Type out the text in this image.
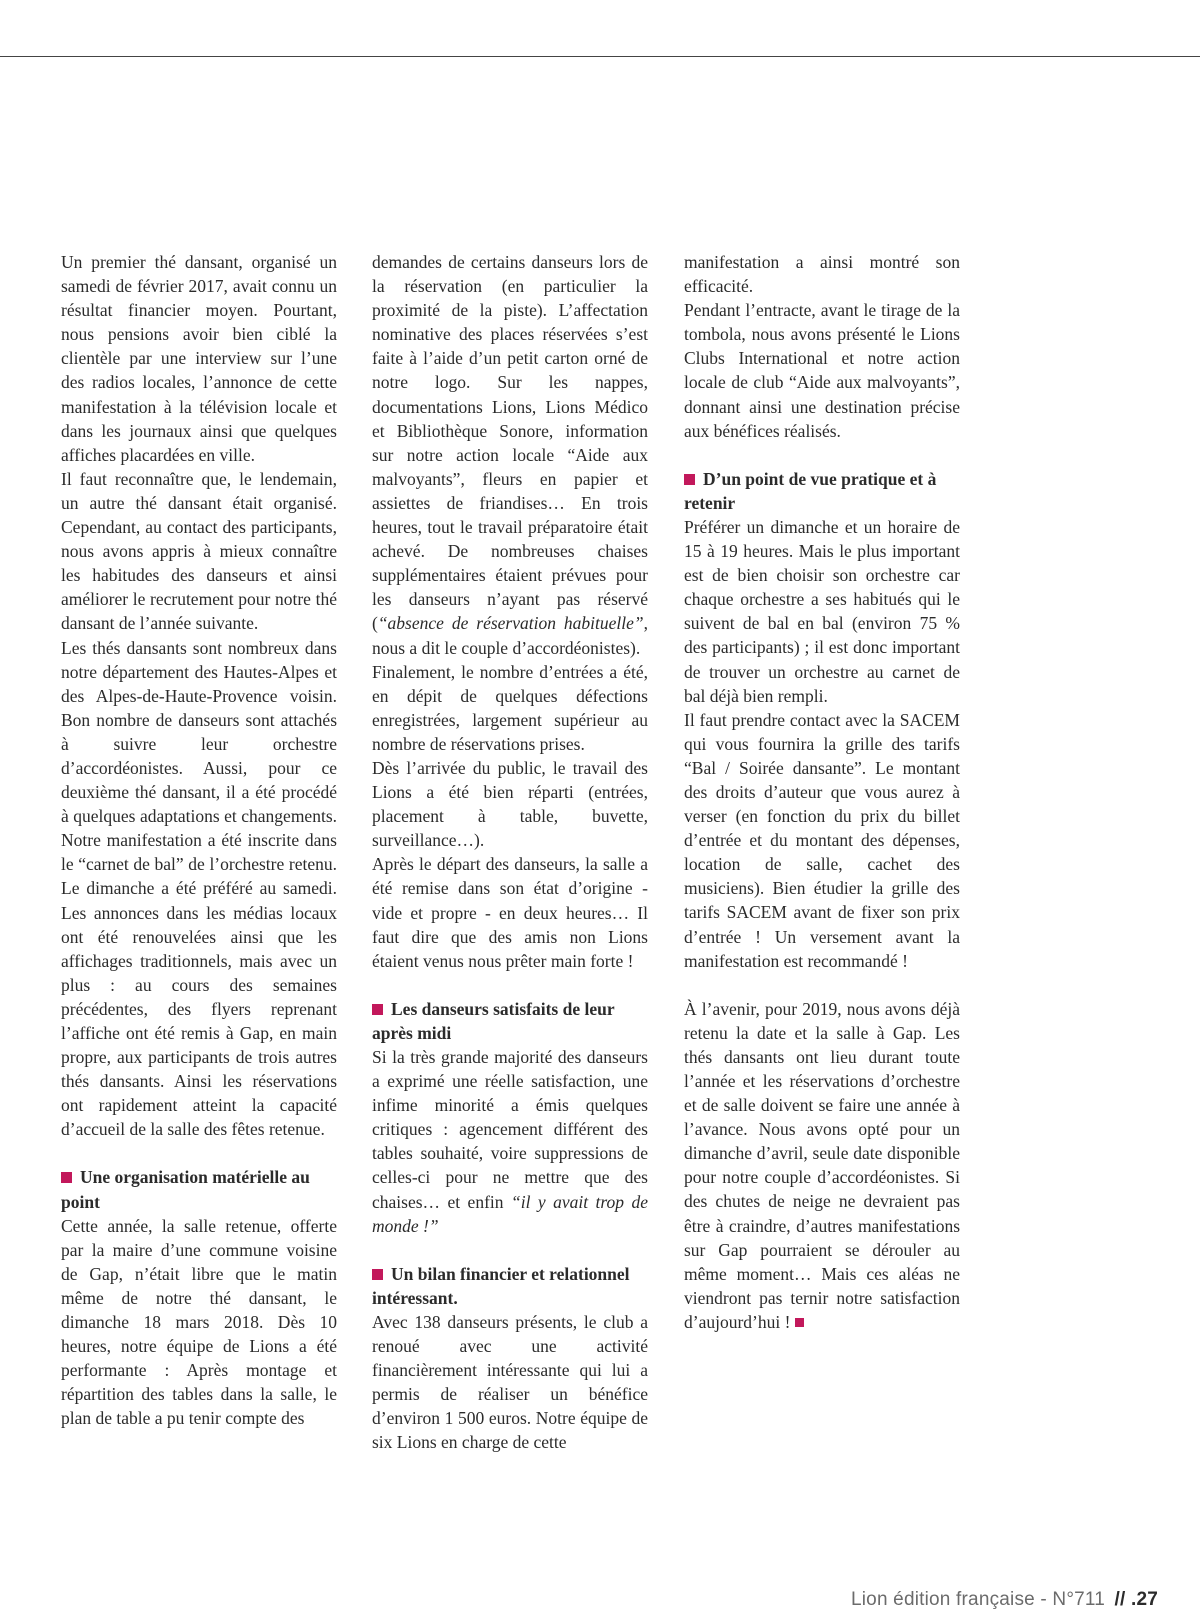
Un premier thé dansant, organisé un samedi de février 2017, avait connu un résultat financier moyen. Pourtant, nous pensions avoir bien ciblé la clientèle par une interview sur l’une des radios locales, l’annonce de cette manifestation à la télévision locale et dans les journaux ainsi que quelques affiches placardées en ville.

Il faut reconnaître que, le lendemain, un autre thé dansant était organisé. Cependant, au contact des participants, nous avons appris à mieux connaître les habitudes des danseurs et ainsi améliorer le recrutement pour notre thé dansant de l’année suivante.

Les thés dansants sont nombreux dans notre département des Hautes-Alpes et des Alpes-de-Haute-Provence voisin. Bon nombre de danseurs sont attachés à suivre leur orchestre d’accordéonistes. Aussi, pour ce deuxième thé dansant, il a été procédé à quelques adaptations et changements. Notre manifestation a été inscrite dans le “carnet de bal” de l’orchestre retenu. Le dimanche a été préféré au samedi. Les annonces dans les médias locaux ont été renouvelées ainsi que les affichages traditionnels, mais avec un plus : au cours des semaines précédentes, des flyers reprenant l’affiche ont été remis à Gap, en main propre, aux participants de trois autres thés dansants. Ainsi les réservations ont rapidement atteint la capacité d’accueil de la salle des fêtes retenue.

Une organisation matérielle au point

Cette année, la salle retenue, offerte par la maire d’une commune voisine de Gap, n’était libre que le matin même de notre thé dansant, le dimanche 18 mars 2018. Dès 10 heures, notre équipe de Lions a été performante : Après montage et répartition des tables dans la salle, le plan de table a pu tenir compte des

demandes de certains danseurs lors de la réservation (en particulier la proximité de la piste). L’affectation nominative des places réservées s’est faite à l’aide d’un petit carton orné de notre logo. Sur les nappes, documentations Lions, Lions Médico et Bibliothèque Sonore, information sur notre action locale “Aide aux malvoyants”, fleurs en papier et assiettes de friandises… En trois heures, tout le travail préparatoire était achevé. De nombreuses chaises supplémentaires étaient prévues pour les danseurs n’ayant pas réservé (“absence de réservation habituelle”, nous a dit le couple d’accordéonistes).

Finalement, le nombre d’entrées a été, en dépit de quelques défections enregistrées, largement supérieur au nombre de réservations prises.

Dès l’arrivée du public, le travail des Lions a été bien réparti (entrées, placement à table, buvette, surveillance…).

Après le départ des danseurs, la salle a été remise dans son état d’origine - vide et propre - en deux heures… Il faut dire que des amis non Lions étaient venus nous prêter main forte !

Les danseurs satisfaits de leur après midi

Si la très grande majorité des danseurs a exprimé une réelle satisfaction, une infime minorité a émis quelques critiques : agencement différent des tables souhaité, voire suppressions de celles-ci pour ne mettre que des chaises… et enfin “il y avait trop de monde !”

Un bilan financier et relationnel intéressant.

Avec 138 danseurs présents, le club a renoué avec une activité financièrement intéressante qui lui a permis de réaliser un bénéfice d’environ 1 500 euros. Notre équipe de six Lions en charge de cette

manifestation a ainsi montré son efficacité.

Pendant l’entracte, avant le tirage de la tombola, nous avons présenté le Lions Clubs International et notre action locale de club “Aide aux malvoyants”, donnant ainsi une destination précise aux bénéfices réalisés.

D’un point de vue pratique et à retenir

Préférer un dimanche et un horaire de 15 à 19 heures. Mais le plus important est de bien choisir son orchestre car chaque orchestre a ses habitués qui le suivent de bal en bal (environ 75 % des participants) ; il est donc important de trouver un orchestre au carnet de bal déjà bien rempli.

Il faut prendre contact avec la SACEM qui vous fournira la grille des tarifs “Bal / Soirée dansante”. Le montant des droits d’auteur que vous aurez à verser (en fonction du prix du billet d’entrée et du montant des dépenses, location de salle, cachet des musiciens). Bien étudier la grille des tarifs SACEM avant de fixer son prix d’entrée ! Un versement avant la manifestation est recommandé !

À l’avenir, pour 2019, nous avons déjà retenu la date et la salle à Gap. Les thés dansants ont lieu durant toute l’année et les réservations d’orchestre et de salle doivent se faire une année à l’avance. Nous avons opté pour un dimanche d’avril, seule date disponible pour notre couple d’accordéonistes. Si des chutes de neige ne devraient pas être à craindre, d’autres manifestations sur Gap pourraient se dérouler au même moment… Mais ces aléas ne viendront pas ternir notre satisfaction d’aujourd’hui !

Lion édition française - N°711 // .27
